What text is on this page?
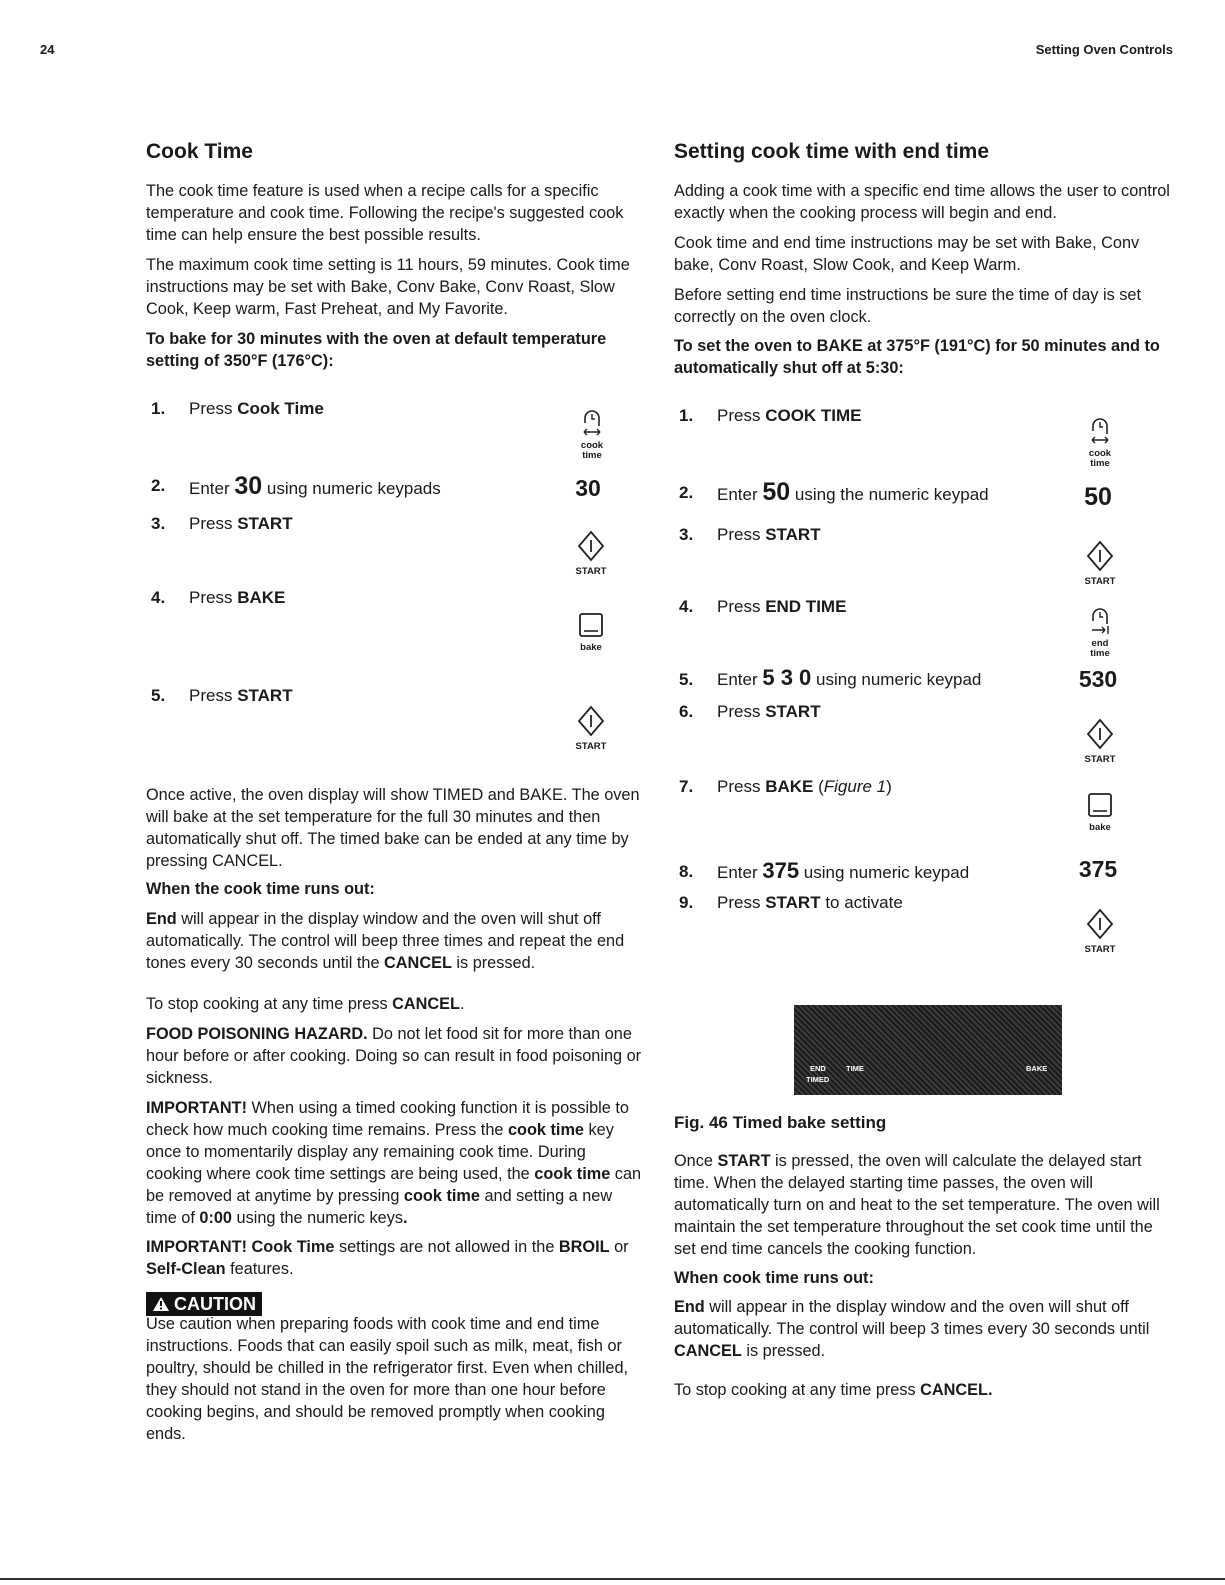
24	Setting Oven Controls
Cook Time
The cook time feature is used when a recipe calls for a specific temperature and cook time. Following the recipe's suggested cook time can help ensure the best possible results.
The maximum cook time setting is 11 hours, 59 minutes. Cook time instructions may be set with Bake, Conv Bake, Conv Roast, Slow Cook, Keep warm, Fast Preheat, and My Favorite.
To bake for 30 minutes with the oven at default temperature setting of 350°F (176°C):
1. Press Cook Time
2. Enter 30 using numeric keypads
3. Press START
4. Press BAKE
5. Press START
cook
time
30
START
bake
START
Once active, the oven display will show TIMED and BAKE. The oven will bake at the set temperature for the full 30 minutes and then automatically shut off. The timed bake can be ended at any time by pressing CANCEL.
When the cook time runs out:
End will appear in the display window and the oven will shut off automatically. The control will beep three times and repeat the end tones every 30 seconds until the CANCEL is pressed.
To stop cooking at any time press CANCEL.
FOOD POISONING HAZARD. Do not let food sit for more than one hour before or after cooking. Doing so can result in food poisoning or sickness.
IMPORTANT! When using a timed cooking function it is possible to check how much cooking time remains. Press the cook time key once to momentarily display any remaining cook time. During cooking where cook time settings are being used, the cook time can be removed at anytime by pressing cook time and setting a new time of 0:00 using the numeric keys.
IMPORTANT! Cook Time settings are not allowed in the BROIL or Self-Clean features.
CAUTION
Use caution when preparing foods with cook time and end time instructions. Foods that can easily spoil such as milk, meat, fish or poultry, should be chilled in the refrigerator first. Even when chilled, they should not stand in the oven for more than one hour before cooking begins, and should be removed promptly when cooking ends.
Setting cook time with end time
Adding a cook time with a specific end time allows the user to control exactly when the cooking process will begin and end.
Cook time and end time instructions may be set with Bake, Conv bake, Conv Roast, Slow Cook, and Keep Warm.
Before setting end time instructions be sure the time of day is set correctly on the oven clock.
To set the oven to BAKE at 375°F (191°C) for 50 minutes and to automatically shut off at 5:30:
1. Press COOK TIME
2. Enter 50 using the numeric keypad
3. Press START
4. Press END TIME
5. Enter 5 3 0 using numeric keypad
6. Press START
7. Press BAKE (Figure 1)
8. Enter 375 using numeric keypad
9. Press START to activate
cook
time
50
START
end
time
530
START
bake
375
START
END	TIME
TIMED
BAKE
Fig. 46 Timed bake setting
Once START is pressed, the oven will calculate the delayed start time. When the delayed starting time passes, the oven will automatically turn on and heat to the set temperature. The oven will maintain the set temperature throughout the set cook time until the set end time cancels the cooking function.
When cook time runs out:
End will appear in the display window and the oven will shut off automatically. The control will beep 3 times every 30 seconds until CANCEL is pressed.
To stop cooking at any time press CANCEL.
